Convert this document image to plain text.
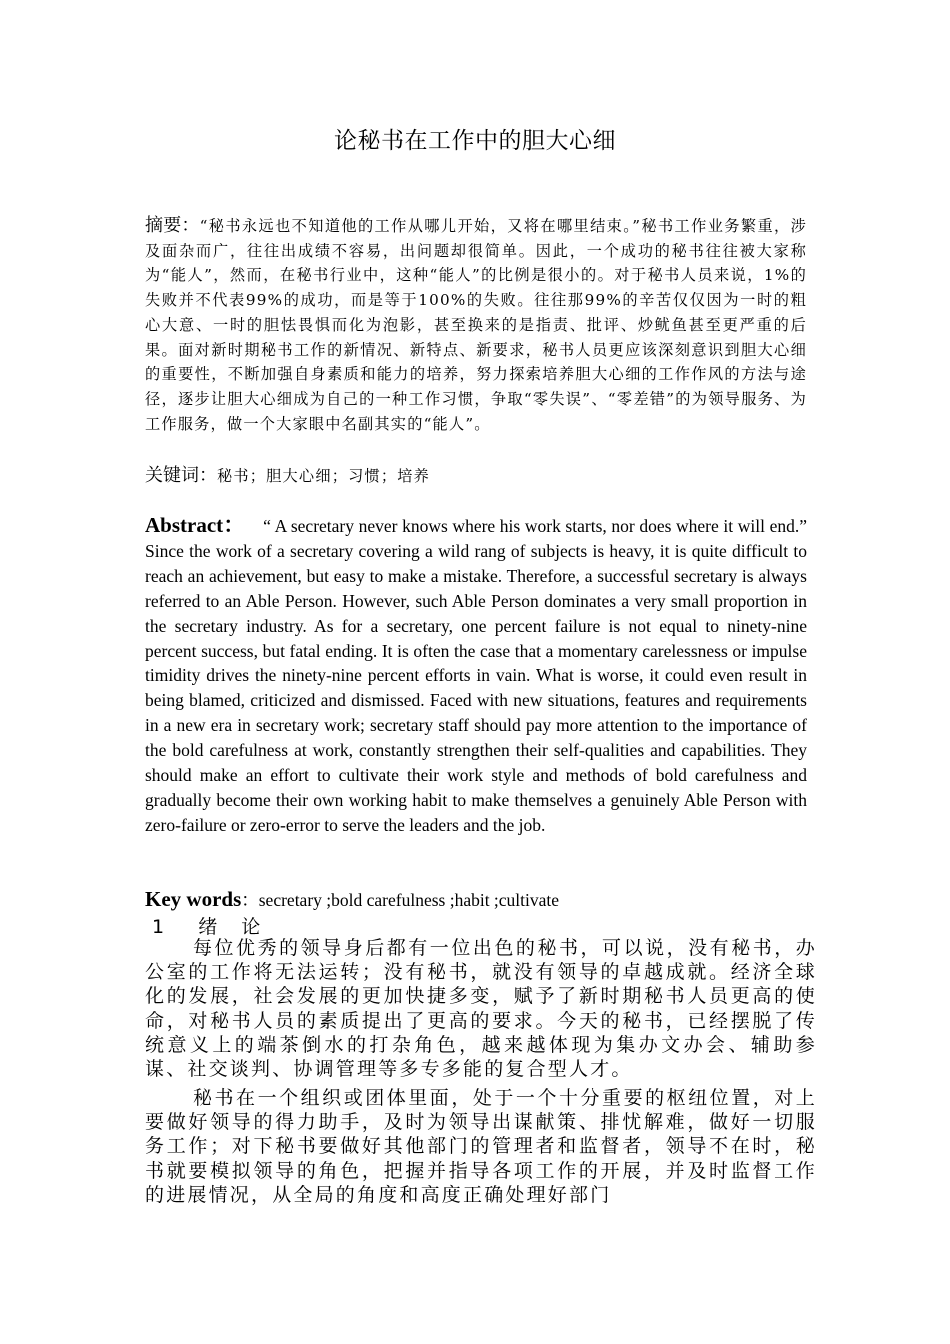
论秘书在工作中的胆大心细
摘要：“秘书永远也不知道他的工作从哪儿开始，又将在哪里结束。”秘书工作业务繁重，涉及面杂而广，往往出成绩不容易，出问题却很简单。因此，一个成功的秘书往往被大家称为“能人”，然而，在秘书行业中，这种“能人”的比例是很小的。对于秘书人员来说，1%的失败并不代表99%的成功，而是等于100%的失败。往往那99%的辛苦仅仅因为一时的粗心大意、一时的胆怯畏惧而化为泡影，甚至换来的是指责、批评、炒鱿鱼甚至更严重的后果。面对新时期秘书工作的新情况、新特点、新要求，秘书人员更应该深刻意识到胆大心细的重要性，不断加强自身素质和能力的培养，努力探索培养胆大心细的工作作风的方法与途径，逐步让胆大心细成为自己的一种工作习惯，争取“零失误”、“零差错”的为领导服务、为工作服务，做一个大家眼中名副其实的“能人”。
关键词：秘书；胆大心细；习惯；培养
Abstract： “ A secretary never knows where his work starts, nor does where it will end.” Since the work of a secretary covering a wild rang of subjects is heavy, it is quite difficult to reach an achievement, but easy to make a mistake. Therefore, a successful secretary is always referred to an Able Person. However, such Able Person dominates a very small proportion in the secretary industry. As for a secretary, one percent failure is not equal to ninety-nine percent success, but fatal ending. It is often the case that a momentary carelessness or impulse timidity drives the ninety-nine percent efforts in vain. What is worse, it could even result in being blamed, criticized and dismissed. Faced with new situations, features and requirements in a new era in secretary work; secretary staff should pay more attention to the importance of the bold carefulness at work, constantly strengthen their self-qualities and capabilities. They should make an effort to cultivate their work style and methods of bold carefulness and gradually become their own working habit to make themselves a genuinely Able Person with zero-failure or zero-error to serve the leaders and the job.
Key words：secretary ;bold carefulness ;habit ;cultivate
1 绪  论
每位优秀的领导身后都有一位出色的秘书，可以说，没有秘书，办公室的工作将无法运转；没有秘书，就没有领导的卓越成就。经济全球化的发展，社会发展的更加快捷多变，赋予了新时期秘书人员更高的使命，对秘书人员的素质提出了更高的要求。今天的秘书，已经摆脱了传统意义上的端茶倒水的打杂角色，越来越体现为集办文办会、辅助参谋、社交谈判、协调管理等多专多能的复合型人才。
秘书在一个组织或团体里面，处于一个十分重要的枢纽位置，对上要做好领导的得力助手，及时为领导出谋献策、排忧解难，做好一切服务工作；对下秘书要做好其他部门的管理者和监督者，领导不在时，秘书就要模拟领导的角色，把握并指导各项工作的开展，并及时监督工作的进展情况，从全局的角度和高度正确处理好部门
